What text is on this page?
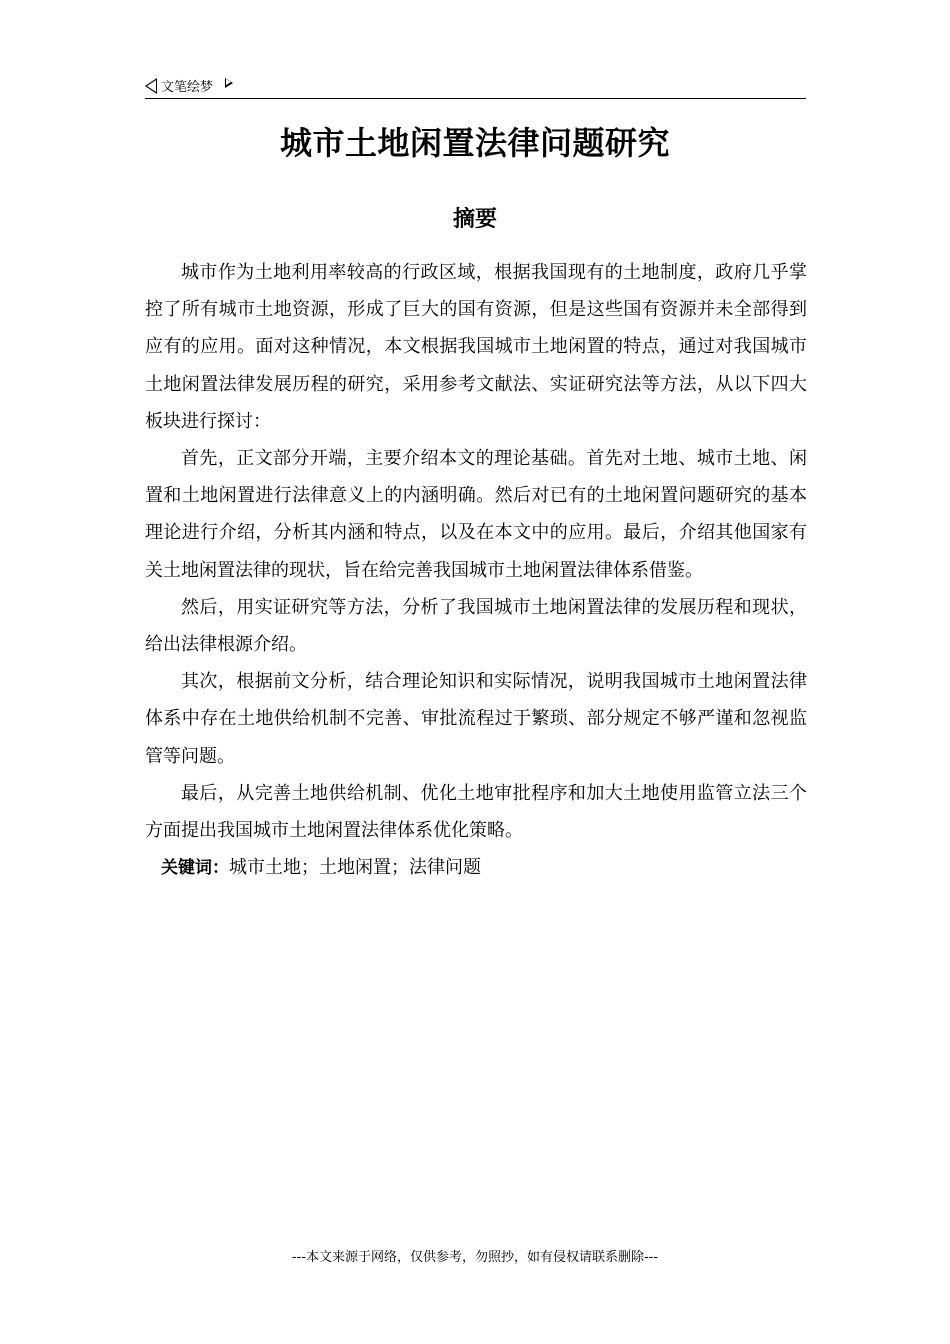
文笔绘梦
城市土地闲置法律问题研究
摘要

城市作为土地利用率较高的行政区域，根据我国现有的土地制度，政府几乎掌控了所有城市土地资源，形成了巨大的国有资源，但是这些国有资源并未全部得到应有的应用。面对这种情况，本文根据我国城市土地闲置的特点，通过对我国城市土地闲置法律发展历程的研究，采用参考文献法、实证研究法等方法，从以下四大板块进行探讨：

首先，正文部分开端，主要介绍本文的理论基础。首先对土地、城市土地、闲置和土地闲置进行法律意义上的内涵明确。然后对已有的土地闲置问题研究的基本理论进行介绍，分析其内涵和特点，以及在本文中的应用。最后，介绍其他国家有关土地闲置法律的现状，旨在给完善我国城市土地闲置法律体系借鉴。

然后，用实证研究等方法，分析了我国城市土地闲置法律的发展历程和现状，给出法律根源介绍。

其次，根据前文分析，结合理论知识和实际情况，说明我国城市土地闲置法律体系中存在土地供给机制不完善、审批流程过于繁琐、部分规定不够严谨和忽视监管等问题。

最后，从完善土地供给机制、优化土地审批程序和加大土地使用监管立法三个方面提出我国城市土地闲置法律体系优化策略。

关键词：城市土地；土地闲置；法律问题
---本文来源于网络，仅供参考，勿照抄，如有侵权请联系删除---
